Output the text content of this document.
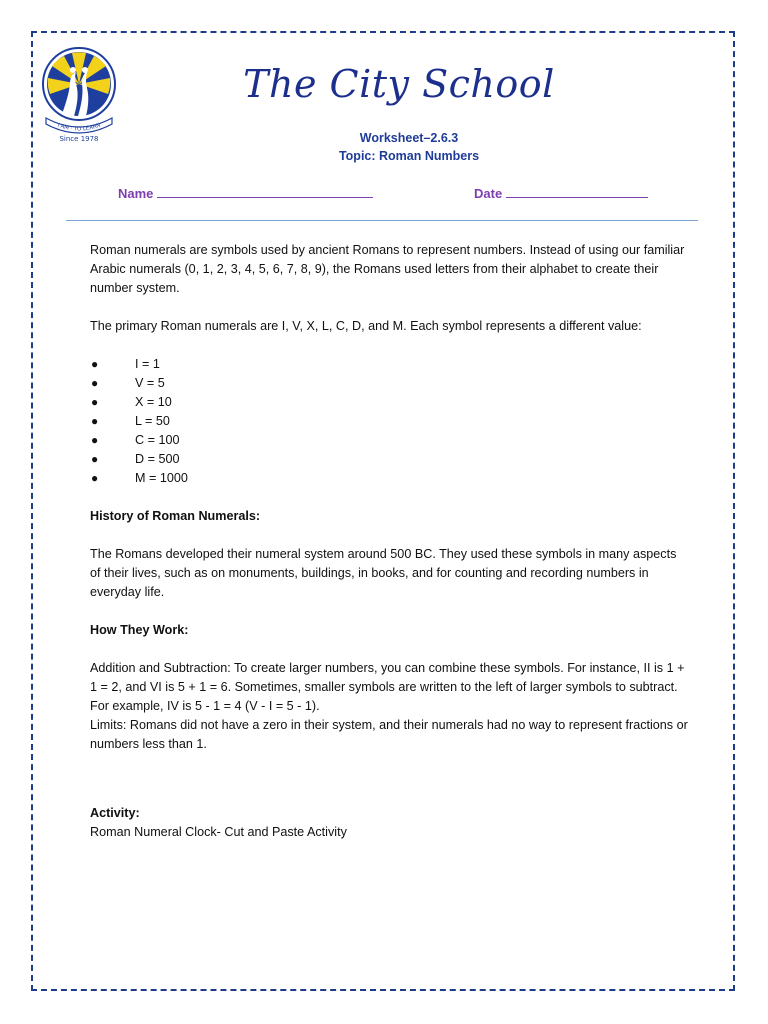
I AM · TO LEARN
Since 1978
The City School
Worksheet–2.6.3
Topic: Roman Numbers
Name	Date

Roman numerals are symbols used by ancient Romans to represent numbers. Instead of using our familiar Arabic numerals (0, 1, 2, 3, 4, 5, 6, 7, 8, 9), the Romans used letters from their alphabet to create their number system.

The primary Roman numerals are I, V, X, L, C, D, and M. Each symbol represents a different value:

●	I = 1
●	V = 5
●	X = 10
●	L = 50
●	C = 100
●	D = 500
●	M = 1000

History of Roman Numerals:

The Romans developed their numeral system around 500 BC. They used these symbols in many aspects of their lives, such as on monuments, buildings, in books, and for counting and recording numbers in everyday life.

How They Work:

Addition and Subtraction: To create larger numbers, you can combine these symbols. For instance, II is 1 + 1 = 2, and VI is 5 + 1 = 6. Sometimes, smaller symbols are written to the left of larger symbols to subtract. For example, IV is 5 - 1 = 4 (V - I = 5 - 1).

Limits: Romans did not have a zero in their system, and their numerals had no way to represent fractions or numbers less than 1.

Activity:

Roman Numeral Clock- Cut and Paste Activity
